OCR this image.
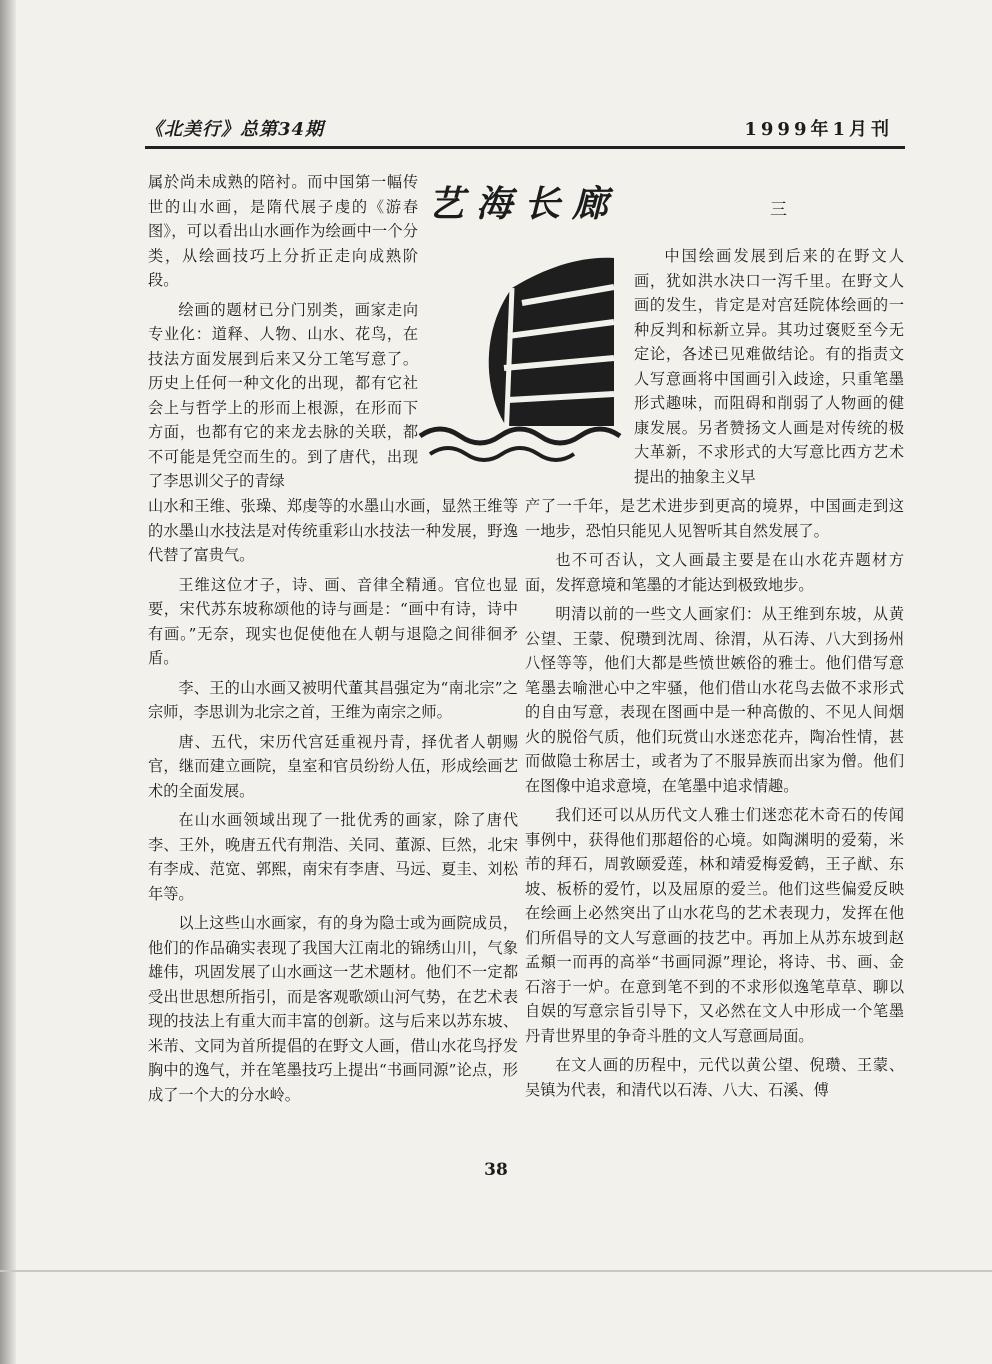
《北美行》总第34期	1999年1月刊
艺海长廊	三

属於尚未成熟的陪衬。而中国第一幅传世的山水画，是隋代展子虔的《游春图》，可以看出山水画作为绘画中一个分类，从绘画技巧上分折正走向成熟阶段。

绘画的题材已分门别类，画家走向专业化：道释、人物、山水、花鸟，在技法方面发展到后来又分工笔写意了。历史上任何一种文化的出现，都有它社会上与哲学上的形而上根源，在形而下方面，也都有它的来龙去脉的关联，都不可能是凭空而生的。到了唐代，出现了李思训父子的青绿

山水和王维、张璪、郑虔等的水墨山水画，显然王维等的水墨山水技法是对传统重彩山水技法一种发展，野逸代替了富贵气。

王维这位才子，诗、画、音律全精通。官位也显要，宋代苏东坡称颂他的诗与画是：“画中有诗，诗中有画。”无奈，现实也促使他在人朝与退隐之间徘徊矛盾。

李、王的山水画又被明代董其昌强定为“南北宗”之宗师，李思训为北宗之首，王维为南宗之师。

唐、五代，宋历代宫廷重视丹青，择优者人朝赐官，继而建立画院，皇室和官员纷纷人伍，形成绘画艺术的全面发展。

在山水画领域出现了一批优秀的画家，除了唐代李、王外，晚唐五代有荆浩、关同、董源、巨然，北宋有李成、范宽、郭熙，南宋有李唐、马远、夏圭、刘松年等。

以上这些山水画家，有的身为隐士或为画院成员，他们的作品确实表现了我国大江南北的锦绣山川，气象雄伟，巩固发展了山水画这一艺术题材。他们不一定都受出世思想所指引，而是客观歌颂山河气势，在艺术表现的技法上有重大而丰富的创新。这与后来以苏东坡、米芾、文同为首所提倡的在野文人画，借山水花鸟抒发胸中的逸气，并在笔墨技巧上提出“书画同源”论点，形成了一个大的分水岭。

中国绘画发展到后来的在野文人画，犹如洪水决口一泻千里。在野文人画的发生，肯定是对宫廷院体绘画的一种反判和标新立异。其功过褒贬至今无定论，各述已见难做结论。有的指责文人写意画将中国画引入歧途，只重笔墨形式趣味，而阻碍和削弱了人物画的健康发展。另者赞扬文人画是对传统的极大革新，不求形式的大写意比西方艺术提出的抽象主义早

产了一千年，是艺术进步到更高的境界，中国画走到这一地步，恐怕只能见人见智听其自然发展了。

也不可否认，文人画最主要是在山水花卉题材方面，发挥意境和笔墨的才能达到极致地步。

明清以前的一些文人画家们：从王维到东坡，从黄公望、王蒙、倪瓒到沈周、徐渭，从石涛、八大到扬州八怪等等，他们大都是些愤世嫉俗的雅士。他们借写意笔墨去喻泄心中之牢骚，他们借山水花鸟去做不求形式的自由写意，表现在图画中是一种高傲的、不见人间烟火的脱俗气质，他们玩赏山水迷恋花卉，陶冶性情，甚而做隐士称居士，或者为了不服异族而出家为僧。他们在图像中追求意境，在笔墨中追求情趣。

我们还可以从历代文人雅士们迷恋花木奇石的传闻事例中，获得他们那超俗的心境。如陶渊明的爱菊，米芾的拜石，周敦颐爱莲，林和靖爱梅爱鹤，王子猷、东坡、板桥的爱竹，以及屈原的爱兰。他们这些偏爱反映在绘画上必然突出了山水花鸟的艺术表现力，发挥在他们所倡导的文人写意画的技艺中。再加上从苏东坡到赵孟頫一而再的高举“书画同源”理论，将诗、书、画、金石溶于一炉。在意到笔不到的不求形似逸笔草草、聊以自娱的写意宗旨引导下，又必然在文人中形成一个笔墨丹青世界里的争奇斗胜的文人写意画局面。

在文人画的历程中，元代以黄公望、倪瓒、王蒙、吴镇为代表，和清代以石涛、八大、石溪、傅

38
